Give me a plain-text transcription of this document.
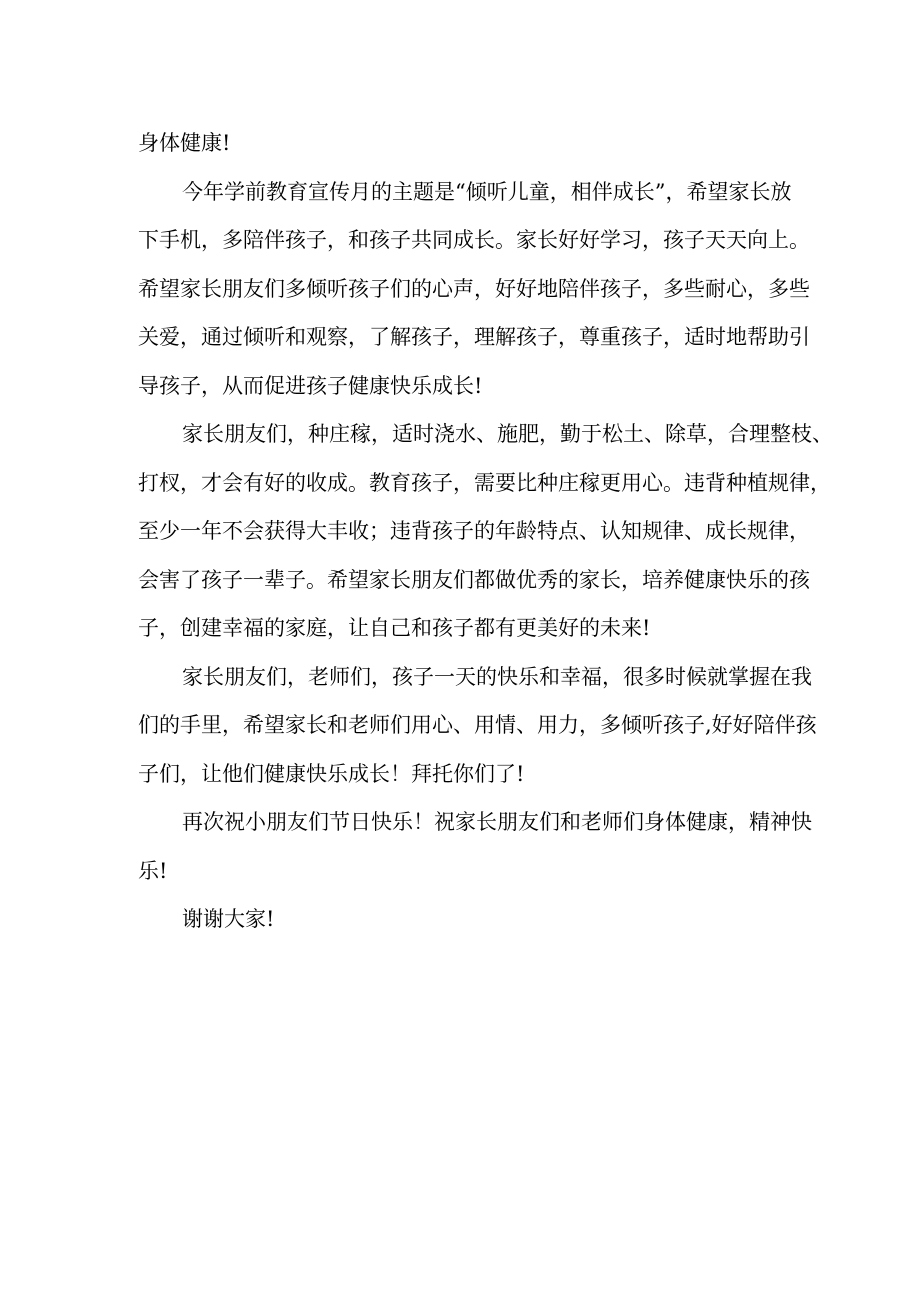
身体健康!

今年学前教育宣传月的主题是“倾听儿童，相伴成长”，希望家长放
下手机，多陪伴孩子，和孩子共同成长。家长好好学习，孩子天天向上。
希望家长朋友们多倾听孩子们的心声，好好地陪伴孩子，多些耐心，多些
关爱，通过倾听和观察，了解孩子，理解孩子，尊重孩子，适时地帮助引
导孩子，从而促进孩子健康快乐成长!

家长朋友们，种庄稼，适时浇水、施肥，勤于松土、除草，合理整枝、
打杈，才会有好的收成。教育孩子，需要比种庄稼更用心。违背种植规律，
至少一年不会获得大丰收；违背孩子的年龄特点、认知规律、成长规律，
会害了孩子一辈子。希望家长朋友们都做优秀的家长，培养健康快乐的孩
子，创建幸福的家庭，让自己和孩子都有更美好的未来!

家长朋友们，老师们，孩子一天的快乐和幸福，很多时候就掌握在我
们的手里，希望家长和老师们用心、用情、用力，多倾听孩子,好好陪伴孩
子们，让他们健康快乐成长！拜托你们了!

再次祝小朋友们节日快乐！祝家长朋友们和老师们身体健康，精神快
乐!

谢谢大家!
